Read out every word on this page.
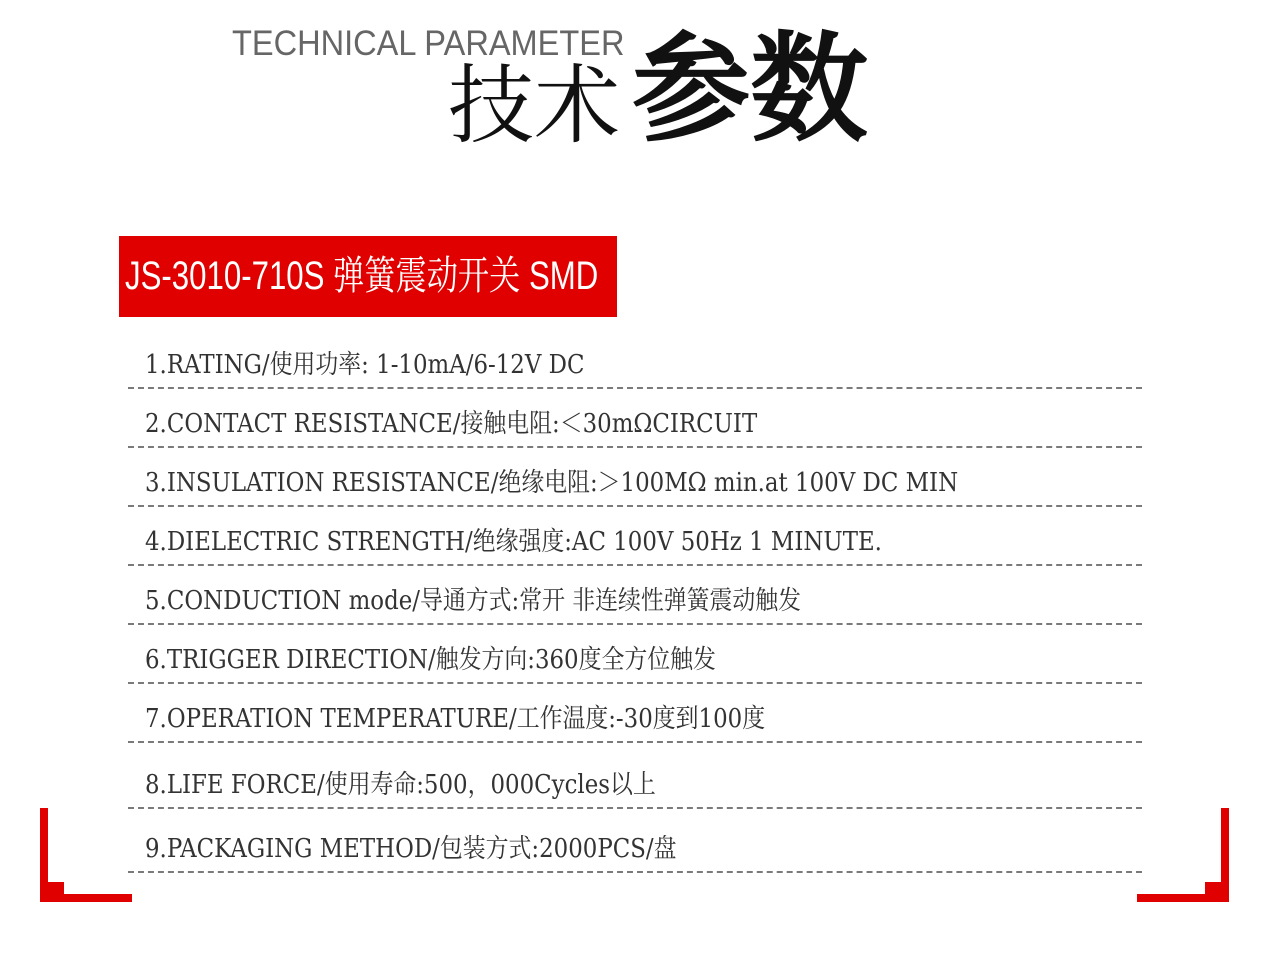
TECHNICAL PARAMETER
技术 参数
JS-3010-710S 弹簧震动开关 SMD
1.RATING/使用功率: 1-10mA/6-12V DC
2.CONTACT RESISTANCE/接触电阻:＜30mΩCIRCUIT
3.INSULATION RESISTANCE/绝缘电阻:＞100MΩ min.at 100V DC MIN
4.DIELECTRIC STRENGTH/绝缘强度:AC 100V 50Hz 1 MINUTE.
5.CONDUCTION mode/导通方式:常开 非连续性弹簧震动触发
6.TRIGGER DIRECTION/触发方向:360度全方位触发
7.OPERATION TEMPERATURE/工作温度:-30度到100度
8.LIFE FORCE/使用寿命:500，000Cycles以上
9.PACKAGING METHOD/包装方式:2000PCS/盘
